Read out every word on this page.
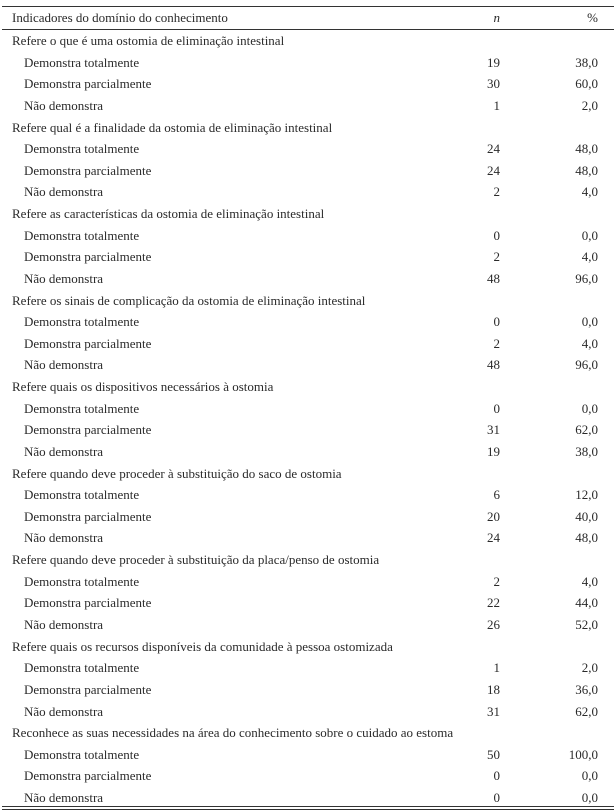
Indicadores do domínio do conhecimento	n	%
Refere o que é uma ostomia de eliminação intestinal
Demonstra totalmente	19	38,0
Demonstra parcialmente	30	60,0
Não demonstra	1	2,0
Refere qual é a finalidade da ostomia de eliminação intestinal
Demonstra totalmente	24	48,0
Demonstra parcialmente	24	48,0
Não demonstra	2	4,0
Refere as características da ostomia de eliminação intestinal
Demonstra totalmente	0	0,0
Demonstra parcialmente	2	4,0
Não demonstra	48	96,0
Refere os sinais de complicação da ostomia de eliminação intestinal
Demonstra totalmente	0	0,0
Demonstra parcialmente	2	4,0
Não demonstra	48	96,0
Refere quais os dispositivos necessários à ostomia
Demonstra totalmente	0	0,0
Demonstra parcialmente	31	62,0
Não demonstra	19	38,0
Refere quando deve proceder à substituição do saco de ostomia
Demonstra totalmente	6	12,0
Demonstra parcialmente	20	40,0
Não demonstra	24	48,0
Refere quando deve proceder à substituição da placa/penso de ostomia
Demonstra totalmente	2	4,0
Demonstra parcialmente	22	44,0
Não demonstra	26	52,0
Refere quais os recursos disponíveis da comunidade à pessoa ostomizada
Demonstra totalmente	1	2,0
Demonstra parcialmente	18	36,0
Não demonstra	31	62,0
Reconhece as suas necessidades na área do conhecimento sobre o cuidado ao estoma
Demonstra totalmente	50	100,0
Demonstra parcialmente	0	0,0
Não demonstra	0	0,0
